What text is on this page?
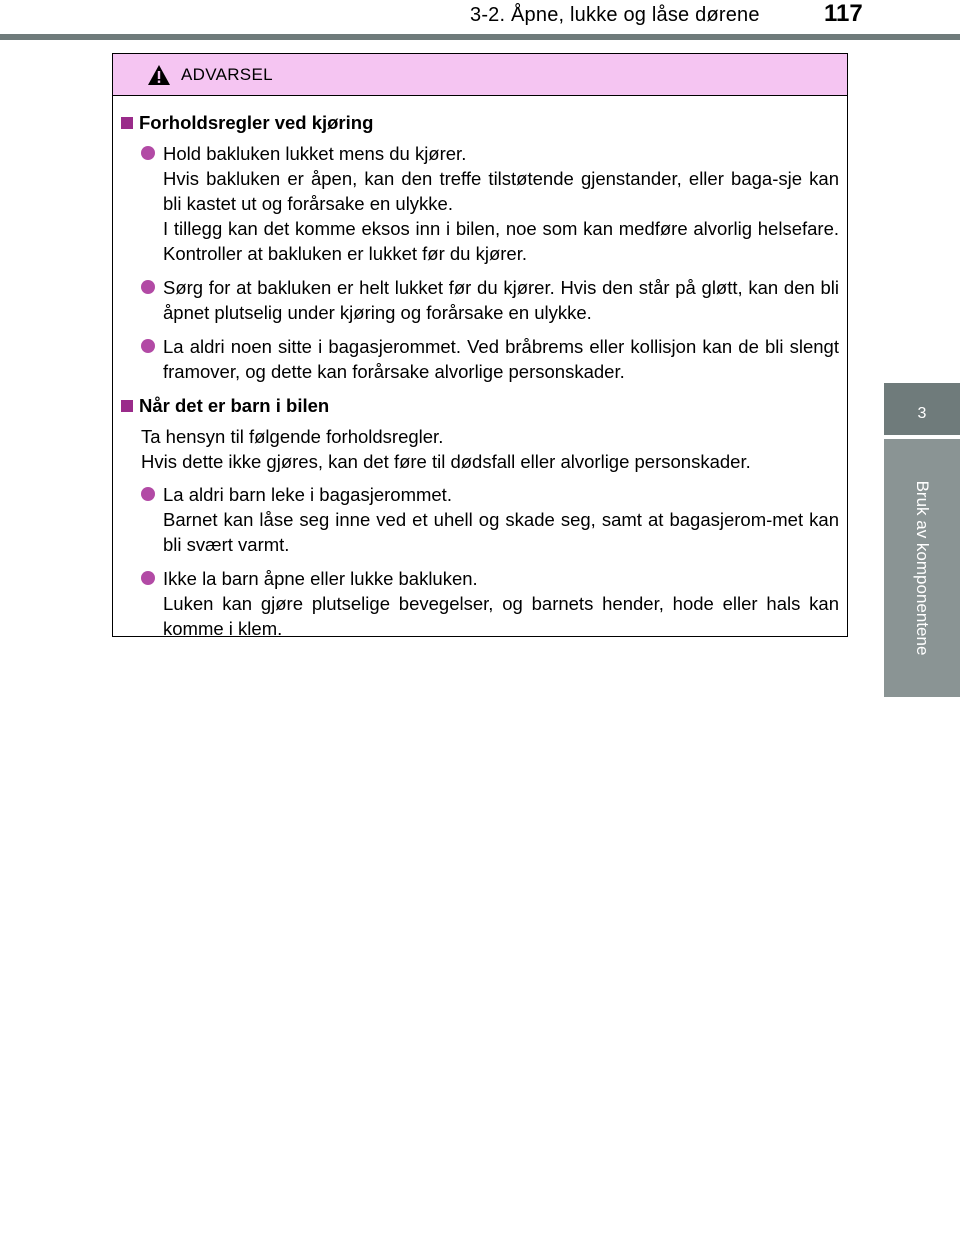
3-2. Åpne, lukke og låse dørene	117
3
Bruk av komponentene
ADVARSEL
Forholdsregler ved kjøring
Hold bakluken lukket mens du kjører.
Hvis bakluken er åpen, kan den treffe tilstøtende gjenstander, eller baga-sje kan bli kastet ut og forårsake en ulykke.
I tillegg kan det komme eksos inn i bilen, noe som kan medføre alvorlig helsefare. Kontroller at bakluken er lukket før du kjører.
Sørg for at bakluken er helt lukket før du kjører. Hvis den står på gløtt, kan den bli åpnet plutselig under kjøring og forårsake en ulykke.
La aldri noen sitte i bagasjerommet. Ved bråbrems eller kollisjon kan de bli slengt framover, og dette kan forårsake alvorlige personskader.
Når det er barn i bilen
Ta hensyn til følgende forholdsregler.
Hvis dette ikke gjøres, kan det føre til dødsfall eller alvorlige personskader.
La aldri barn leke i bagasjerommet.
Barnet kan låse seg inne ved et uhell og skade seg, samt at bagasjerom-met kan bli svært varmt.
Ikke la barn åpne eller lukke bakluken.
Luken kan gjøre plutselige bevegelser, og barnets hender, hode eller hals kan komme i klem.
